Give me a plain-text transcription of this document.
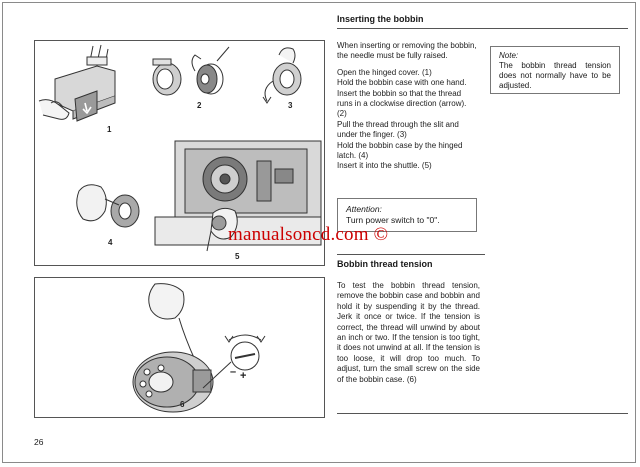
1
2	3
4
5
– +
6
Inserting the bobbin

When inserting or removing the bobbin, the needle must be fully raised.

Open the hinged cover. (1)

Hold the bobbin case with one hand.

Insert the bobbin so that the thread runs in a clockwise direction (arrow). (2)

Pull the thread through the slit and under the finger. (3)

Hold the bobbin case by the hinged latch. (4)

Insert it into the shuttle. (5)

Note:
The bobbin thread tension does not normally have to be adjusted.
Attention:
Turn power switch to "0".
Bobbin thread tension
To test the bobbin thread tension, remove the bobbin case and bobbin and hold it by suspending it by the thread. Jerk it once or twice. If the tension is correct, the thread will unwind by about an inch or two. If the tension is too tight, it does not unwind at all. If the tension is too loose, it will drop too much. To adjust, turn the small screw on the side of the bobbin case. (6)
manualsoncd.com ©
26
